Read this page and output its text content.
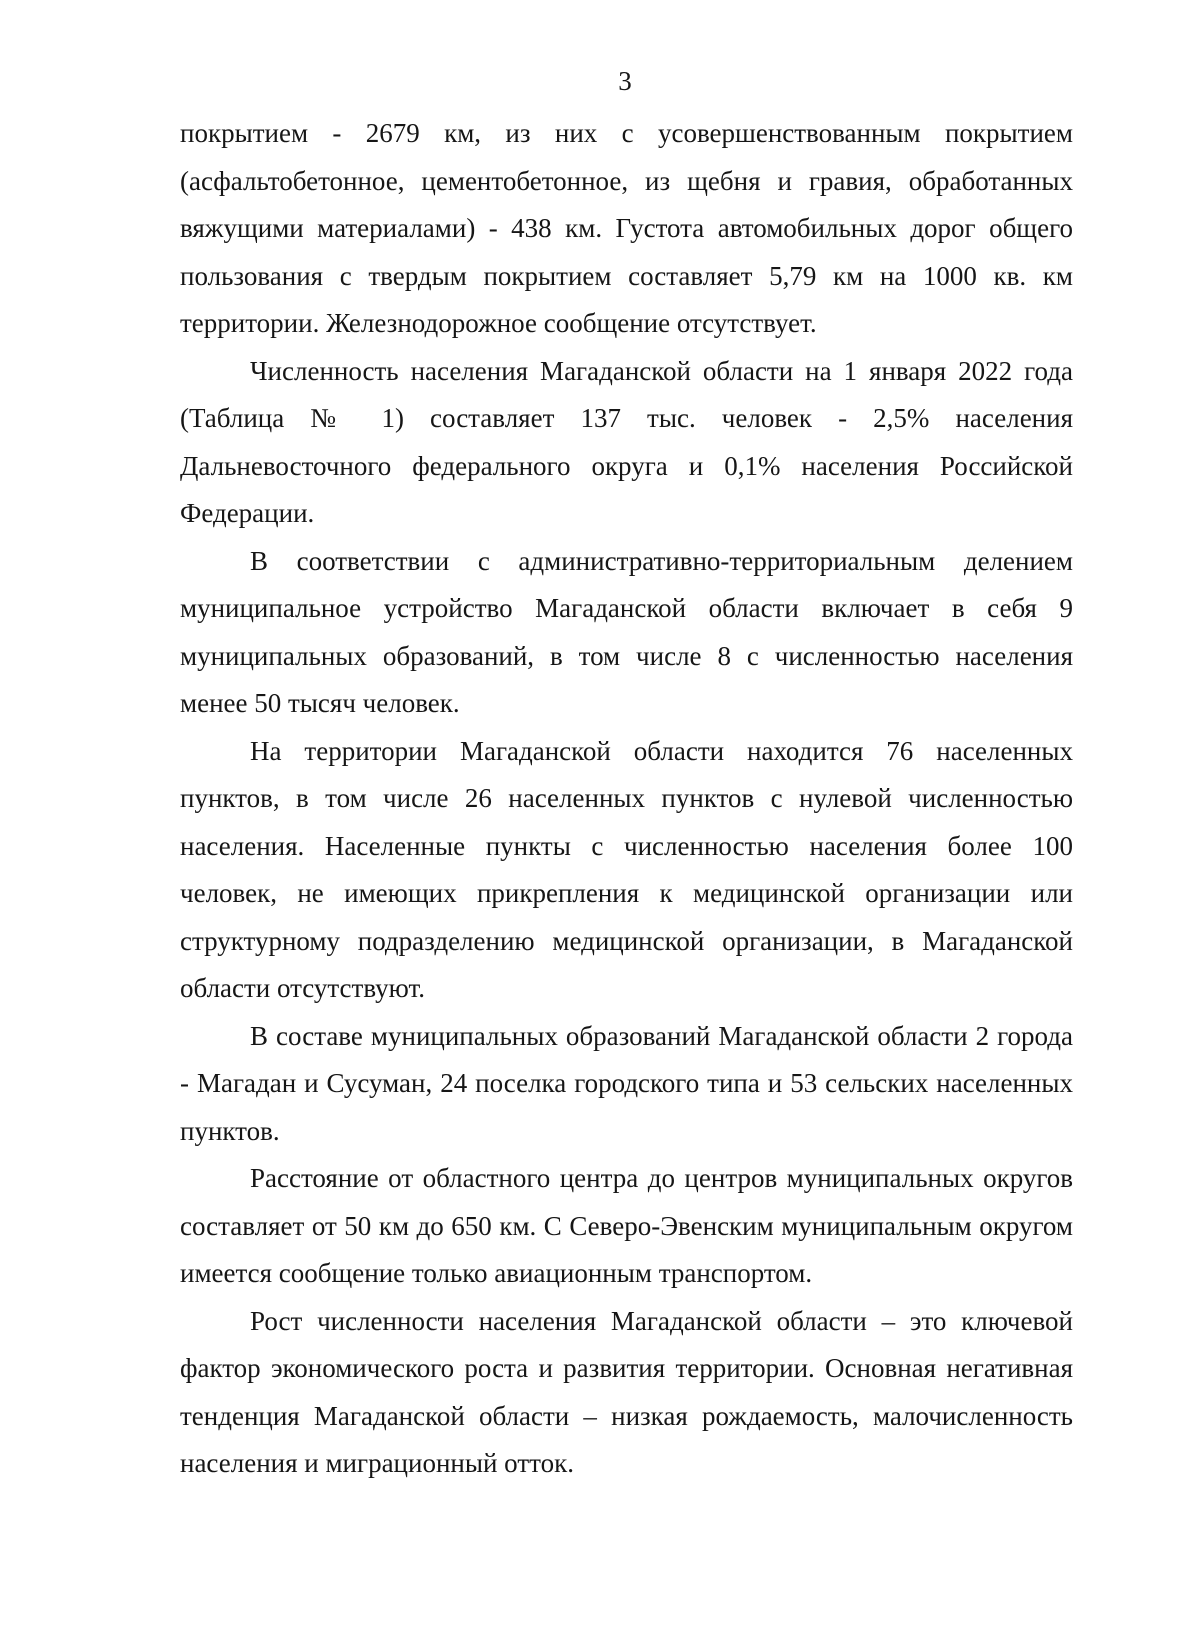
3

покрытием - 2679 км, из них с усовершенствованным покрытием (асфальтобетонное, цементобетонное, из щебня и гравия, обработанных вяжущими материалами) - 438 км. Густота автомобильных дорог общего пользования с твердым покрытием составляет 5,79 км на 1000 кв. км территории. Железнодорожное сообщение отсутствует.

Численность населения Магаданской области на 1 января 2022 года (Таблица № 1) составляет 137 тыс. человек - 2,5% населения Дальневосточного федерального округа и 0,1% населения Российской Федерации.

В соответствии с административно-территориальным делением муниципальное устройство Магаданской области включает в себя 9 муниципальных образований, в том числе 8 с численностью населения менее 50 тысяч человек.

На территории Магаданской области находится 76 населенных пунктов, в том числе 26 населенных пунктов с нулевой численностью населения. Населенные пункты с численностью населения более 100 человек, не имеющих прикрепления к медицинской организации или структурному подразделению медицинской организации, в Магаданской области отсутствуют.

В составе муниципальных образований Магаданской области 2 города - Магадан и Сусуман, 24 поселка городского типа и 53 сельских населенных пунктов.

Расстояние от областного центра до центров муниципальных округов составляет от 50 км до 650 км. С Северо-Эвенским муниципальным округом имеется сообщение только авиационным транспортом.

Рост численности населения Магаданской области – это ключевой фактор экономического роста и развития территории. Основная негативная тенденция Магаданской области – низкая рождаемость, малочисленность населения и миграционный отток.
